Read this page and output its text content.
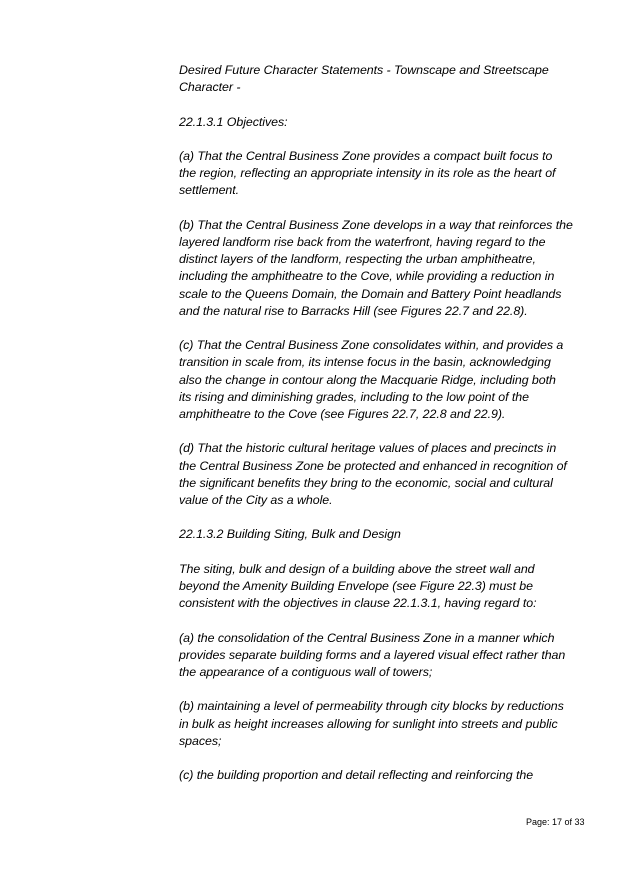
Desired Future Character Statements - Townscape and Streetscape
Character -

22.1.3.1 Objectives:

(a) That the Central Business Zone provides a compact built focus to
the region, reflecting an appropriate intensity in its role as the heart of
settlement.

(b) That the Central Business Zone develops in a way that reinforces the
layered landform rise back from the waterfront, having regard to the
distinct layers of the landform, respecting the urban amphitheatre,
including the amphitheatre to the Cove, while providing a reduction in
scale to the Queens Domain, the Domain and Battery Point headlands
and the natural rise to Barracks Hill (see Figures 22.7 and 22.8).

(c) That the Central Business Zone consolidates within, and provides a
transition in scale from, its intense focus in the basin, acknowledging
also the change in contour along the Macquarie Ridge, including both
its rising and diminishing grades, including to the low point of the
amphitheatre to the Cove (see Figures 22.7, 22.8 and 22.9).

(d) That the historic cultural heritage values of places and precincts in
the Central Business Zone be protected and enhanced in recognition of
the significant benefits they bring to the economic, social and cultural
value of the City as a whole.

22.1.3.2 Building Siting, Bulk and Design

The siting, bulk and design of a building above the street wall and
beyond the Amenity Building Envelope (see Figure 22.3) must be
consistent with the objectives in clause 22.1.3.1, having regard to:

(a) the consolidation of the Central Business Zone in a manner which
provides separate building forms and a layered visual effect rather than
the appearance of a contiguous wall of towers;

(b) maintaining a level of permeability through city blocks by reductions
in bulk as height increases allowing for sunlight into streets and public
spaces;

(c) the building proportion and detail reflecting and reinforcing the

Page: 17 of 33
